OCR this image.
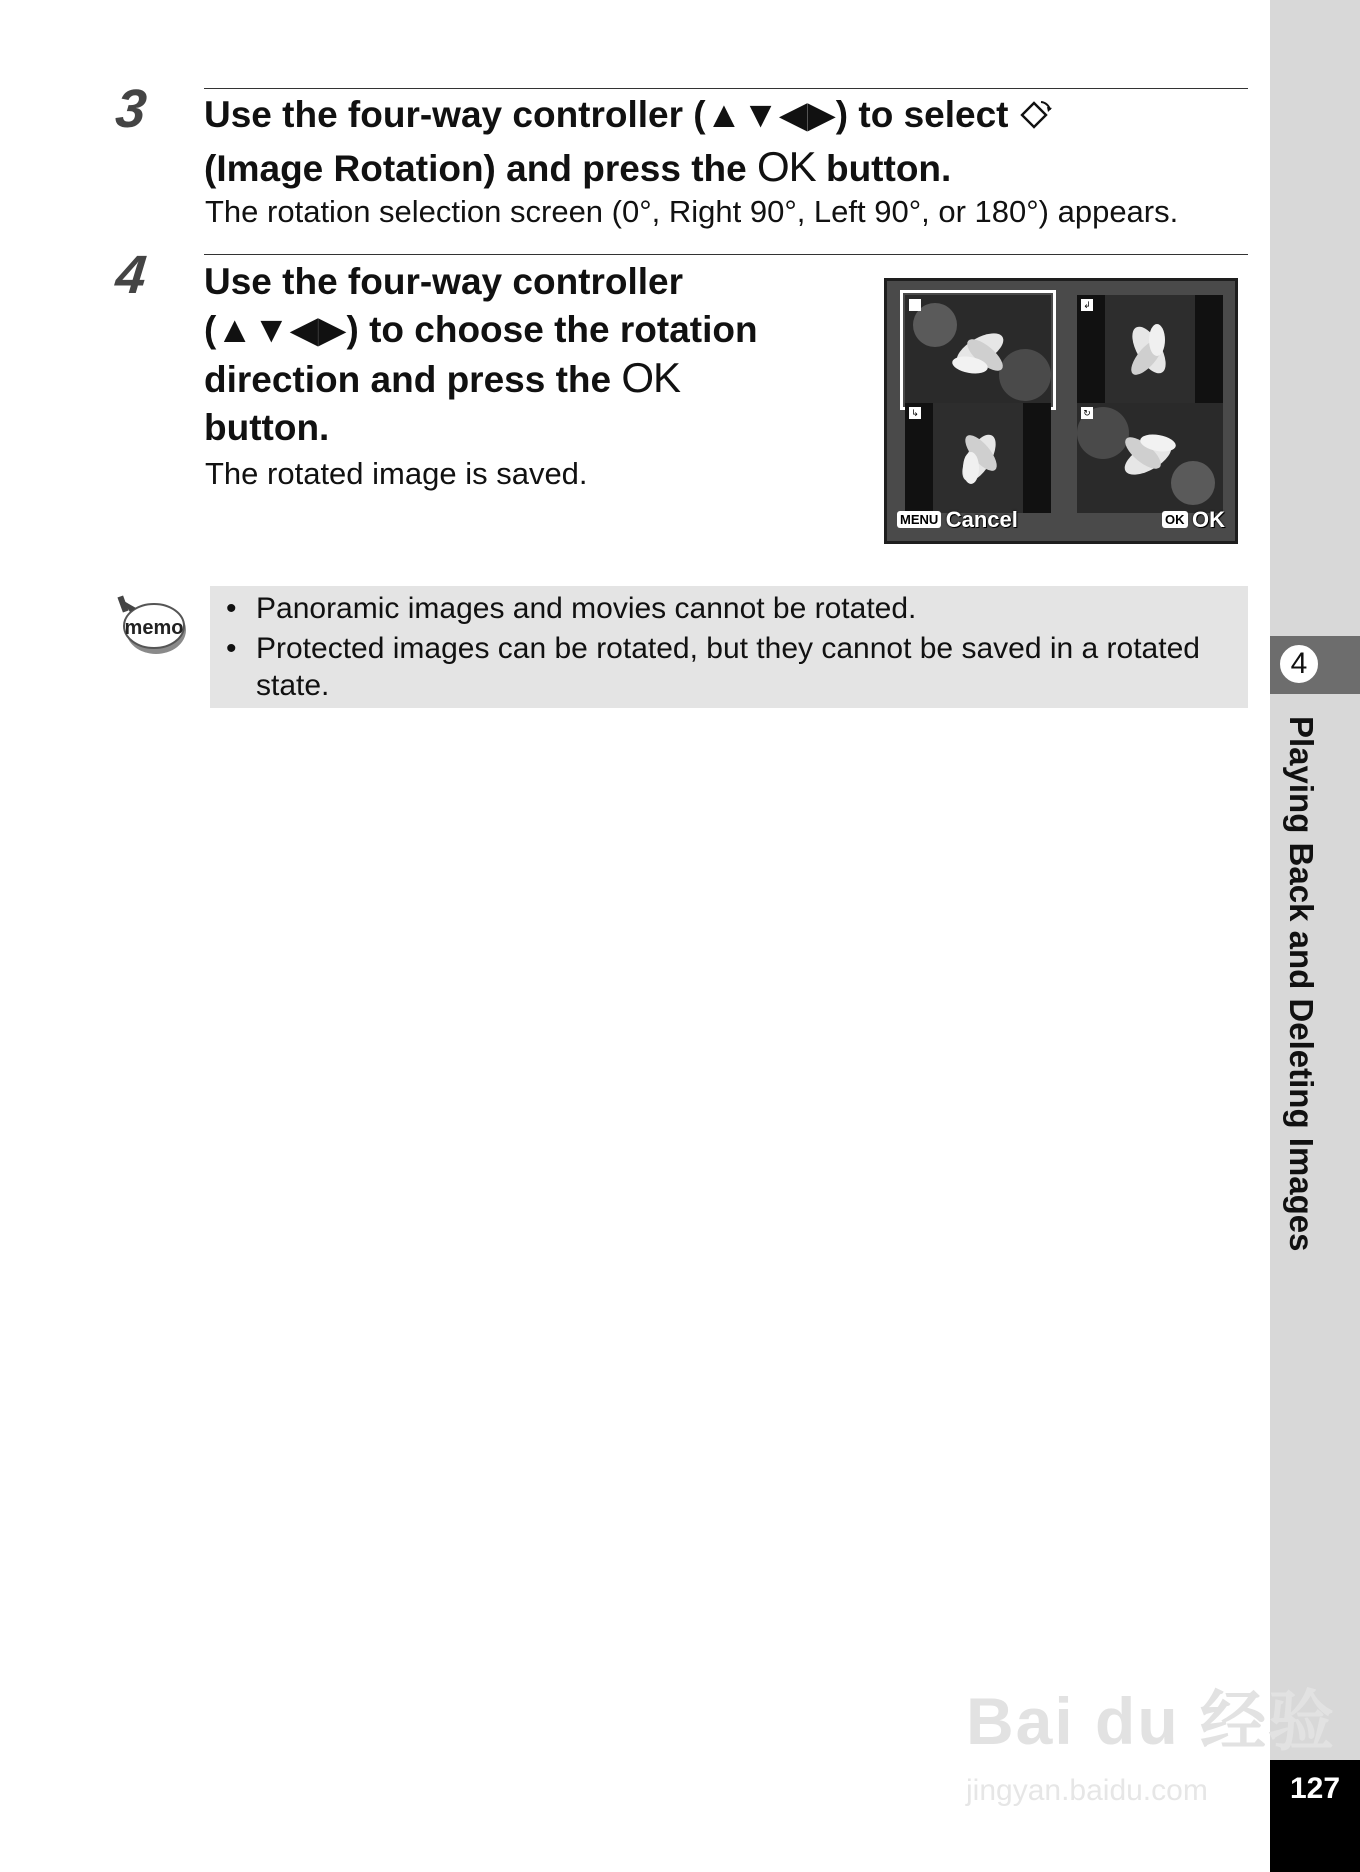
4
Playing Back and Deleting Images
127
3 Use the four-way controller (▲▼◀▶) to select
(Image Rotation) and press the OK button.
The rotation selection screen (0°, Right 90°, Left 90°, or 180°) appears.
4 Use the four-way controller
(▲▼◀▶) to choose the rotation
direction and press the OK
button.
The rotated image is saved.
↲
↳	↻
MENU Cancel	OK OK
memo
• Panoramic images and movies cannot be rotated.
• Protected images can be rotated, but they cannot be saved in a rotated state.
Bai du 经验
jingyan.baidu.com
